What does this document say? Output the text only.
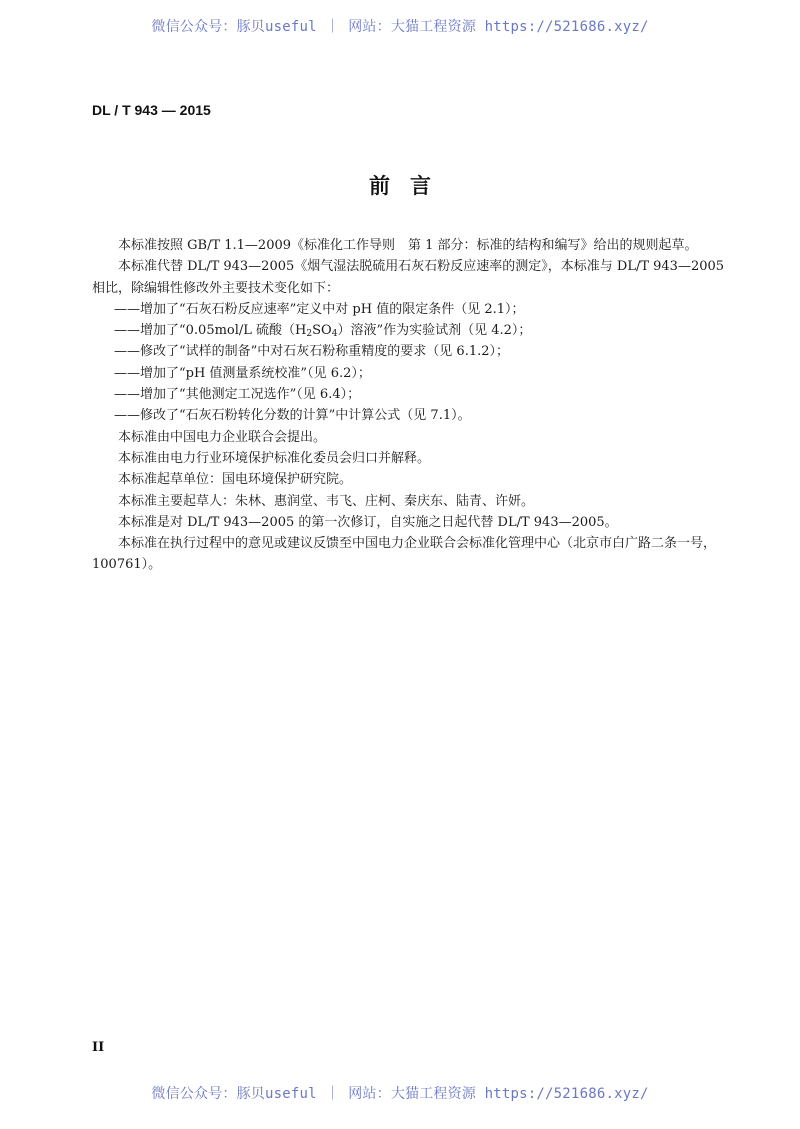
微信公众号：豚贝useful ｜ 网站：大猫工程资源 https://521686.xyz/
DL / T 943 — 2015
前言

本标准按照 GB/T 1.1—2009《标准化工作导则　第 1 部分：标准的结构和编写》给出的规则起草。

本标准代替 DL/T 943—2005《烟气湿法脱硫用石灰石粉反应速率的测定》，本标准与 DL/T 943—2005 相比，除编辑性修改外主要技术变化如下：

——增加了“石灰石粉反应速率”定义中对 pH 值的限定条件（见 2.1）；

——增加了“0.05mol/L 硫酸$(H_2SO_4)$溶液”作为实验试剂（见 4.2）；

——修改了“试样的制备”中对石灰石粉称重精度的要求（见 6.1.2）；

——增加了“pH 值测量系统校准”（见 6.2）；

——增加了“其他测定工况选作”（见 6.4）；

——修改了“石灰石粉转化分数的计算”中计算公式（见 7.1）。

本标准由中国电力企业联合会提出。

本标准由电力行业环境保护标准化委员会归口并解释。

本标准起草单位：国电环境保护研究院。

本标准主要起草人：朱林、惠润堂、韦飞、庄柯、秦庆东、陆青、许妍。

本标准是对 DL/T 943—2005 的第一次修订，自实施之日起代替 DL/T 943—2005。

本标准在执行过程中的意见或建议反馈至中国电力企业联合会标准化管理中心（北京市白广路二条一号，100761）。

II
微信公众号：豚贝useful ｜ 网站：大猫工程资源 https://521686.xyz/
